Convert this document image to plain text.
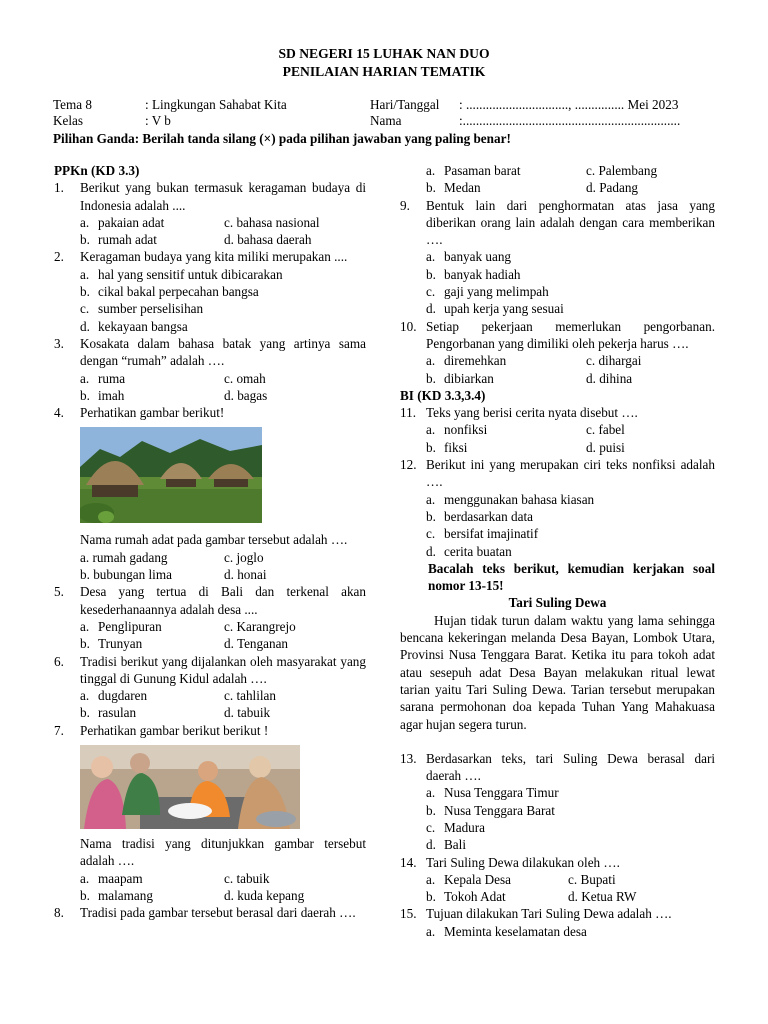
SD NEGERI 15 LUHAK NAN DUO
PENILAIAN HARIAN TEMATIK
Tema 8	: Lingkungan Sahabat Kita
Kelas	: V b
Hari/Tanggal : ..............................., ............... Mei 2023
Nama	:..................................................................
Pilihan Ganda: Berilah tanda silang (×) pada pilihan jawaban yang paling benar!
PPKn (KD 3.3)
1.	Berikut yang bukan termasuk keragaman budaya di Indonesia adalah ....
a. pakaian adat	c. bahasa nasional
b. rumah adat	d. bahasa daerah
2.	Keragaman budaya yang kita miliki merupakan ....
a. hal yang sensitif untuk dibicarakan
b. cikal bakal perpecahan bangsa
c. sumber perselisihan
d. kekayaan bangsa
3.	Kosakata dalam bahasa batak yang artinya sama dengan “rumah” adalah ….
a. ruma	c. omah
b. imah	d. bagas
4.	Perhatikan gambar berikut!
Nama rumah adat pada gambar tersebut adalah ….
a. rumah gadang	c. joglo
b. bubungan lima	d. honai
5.	Desa yang tertua di Bali dan terkenal akan kesederhanaannya adalah desa ....
a. Penglipuran	c. Karangrejo
b. Trunyan	d. Tenganan
6.	Tradisi berikut yang dijalankan oleh masyarakat yang tinggal di Gunung Kidul adalah ….
a. dugdaren	c. tahlilan
b. rasulan	d. tabuik
7.	Perhatikan gambar berikut berikut !
Nama tradisi yang ditunjukkan gambar tersebut adalah ….
a. maapam	c. tabuik
b. malamang	d. kuda kepang
8.	Tradisi pada gambar tersebut berasal dari daerah ….
a. Pasaman barat	c. Palembang
b. Medan	d. Padang
9.	Bentuk lain dari penghormatan atas jasa yang diberikan orang lain adalah dengan cara memberikan ….
a. banyak uang
b. banyak hadiah
c. gaji yang melimpah
d. upah kerja yang sesuai
10. Setiap pekerjaan memerlukan pengorbanan. Pengorbanan yang dimiliki oleh pekerja harus ….
a. diremehkan	c. dihargai
b. dibiarkan	d. dihina
BI (KD 3.3,3.4)
11. Teks yang berisi cerita nyata disebut ….
a. nonfiksi	c. fabel
b. fiksi	d. puisi
12. Berikut ini yang merupakan ciri teks nonfiksi adalah ….
a. menggunakan bahasa kiasan
b. berdasarkan data
c. bersifat imajinatif
d. cerita buatan
Bacalah teks berikut, kemudian kerjakan soal nomor 13-15!
Tari Suling Dewa
Hujan tidak turun dalam waktu yang lama sehingga bencana kekeringan melanda Desa Bayan, Lombok Utara, Provinsi Nusa Tenggara Barat. Ketika itu para tokoh adat atau sesepuh adat Desa Bayan melakukan ritual lewat tarian yaitu Tari Suling Dewa. Tarian tersebut merupakan sarana permohonan doa kepada Tuhan Yang Mahakuasa agar hujan segera turun.
13. Berdasarkan teks, tari Suling Dewa berasal dari daerah ….
a. Nusa Tenggara Timur
b. Nusa Tenggara Barat
c. Madura
d. Bali
14. Tari Suling Dewa dilakukan oleh ….
a. Kepala Desa	c. Bupati
b. Tokoh Adat	d. Ketua RW
15. Tujuan dilakukan Tari Suling Dewa adalah ….
a. Meminta keselamatan desa
